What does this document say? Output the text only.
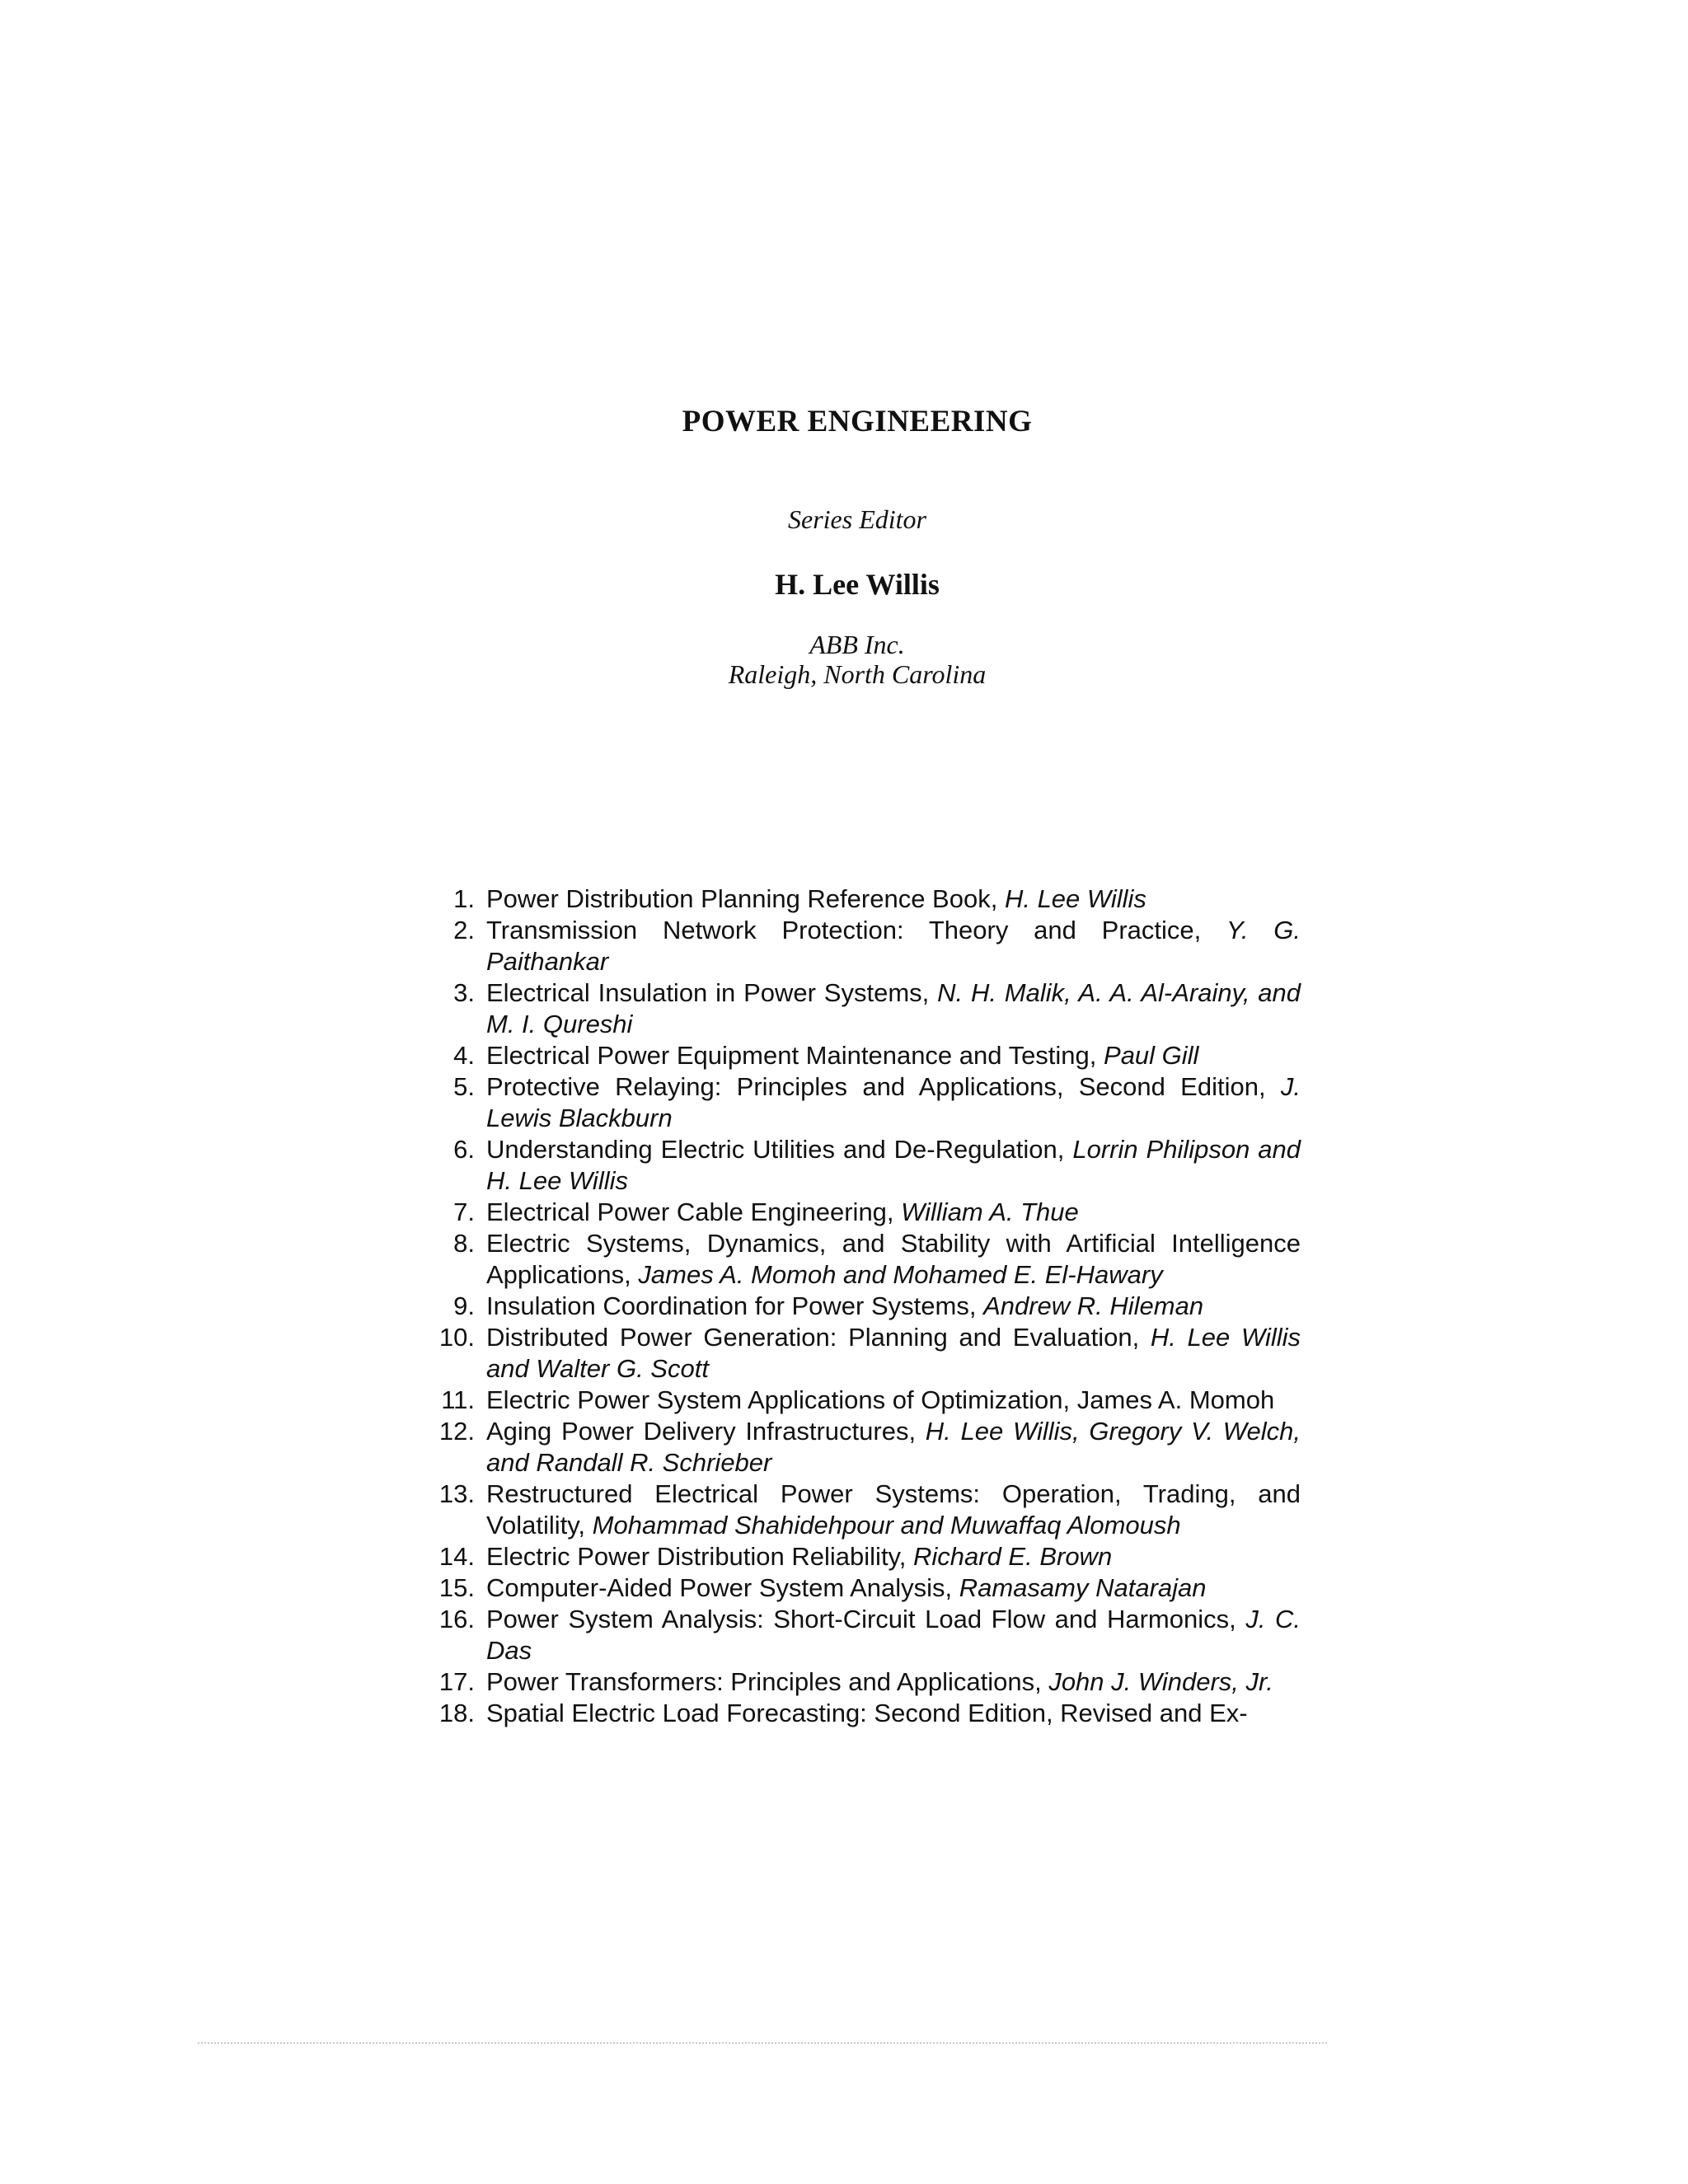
POWER ENGINEERING
Series Editor
H. Lee Willis
ABB Inc.
Raleigh, North Carolina
1. Power Distribution Planning Reference Book, H. Lee Willis
2. Transmission Network Protection: Theory and Practice, Y. G. Paithankar
3. Electrical Insulation in Power Systems, N. H. Malik, A. A. Al-Arainy, and M. I. Qureshi
4. Electrical Power Equipment Maintenance and Testing, Paul Gill
5. Protective Relaying: Principles and Applications, Second Edition, J. Lewis Blackburn
6. Understanding Electric Utilities and De-Regulation, Lorrin Philipson and H. Lee Willis
7. Electrical Power Cable Engineering, William A. Thue
8. Electric Systems, Dynamics, and Stability with Artificial Intelligence Applications, James A. Momoh and Mohamed E. El-Hawary
9. Insulation Coordination for Power Systems, Andrew R. Hileman
10. Distributed Power Generation: Planning and Evaluation, H. Lee Willis and Walter G. Scott
11. Electric Power System Applications of Optimization, James A. Momoh
12. Aging Power Delivery Infrastructures, H. Lee Willis, Gregory V. Welch, and Randall R. Schrieber
13. Restructured Electrical Power Systems: Operation, Trading, and Volatility, Mohammad Shahidehpour and Muwaffaq Alomoush
14. Electric Power Distribution Reliability, Richard E. Brown
15. Computer-Aided Power System Analysis, Ramasamy Natarajan
16. Power System Analysis: Short-Circuit Load Flow and Harmonics, J. C. Das
17. Power Transformers: Principles and Applications, John J. Winders, Jr.
18. Spatial Electric Load Forecasting: Second Edition, Revised and Ex-
